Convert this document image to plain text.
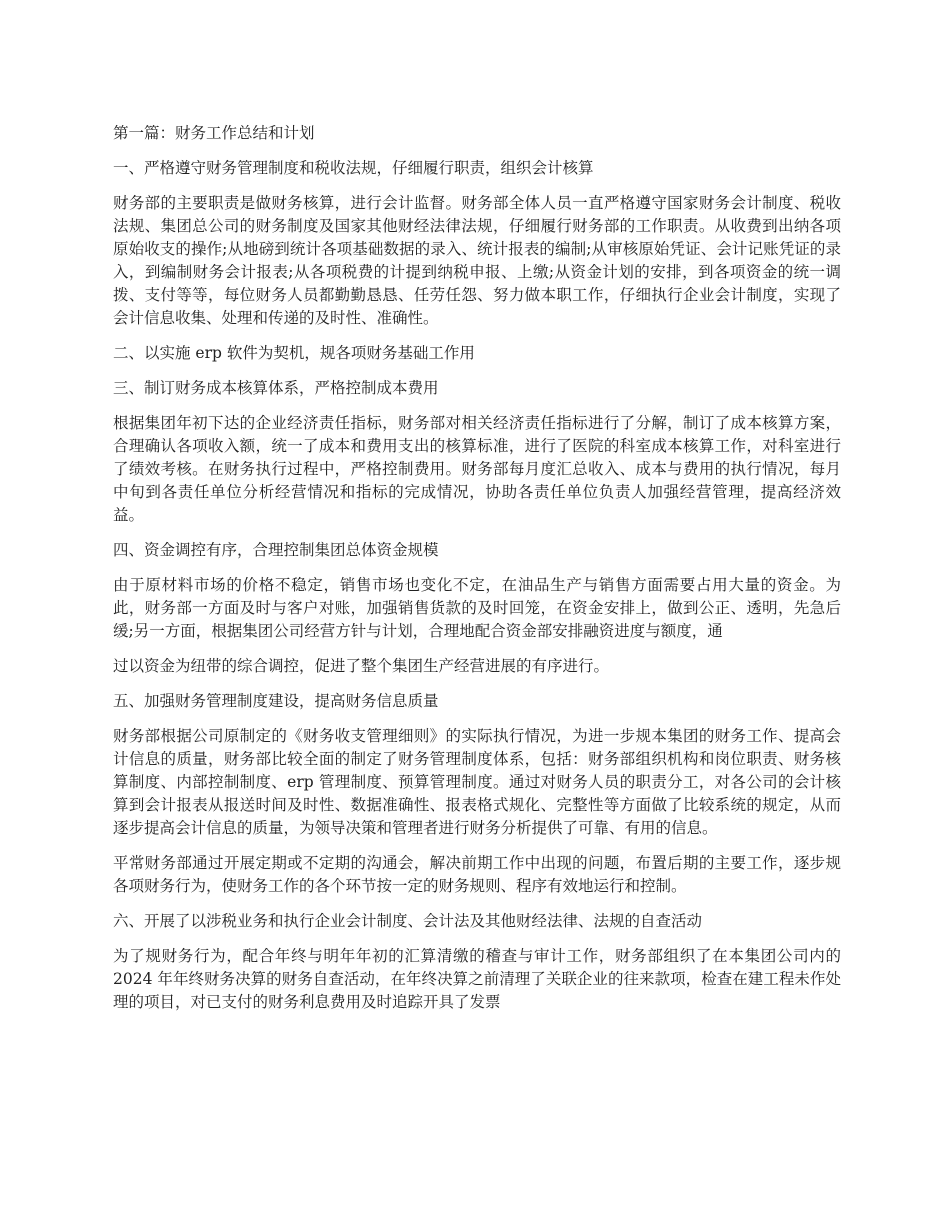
第一篇：财务工作总结和计划

一、严格遵守财务管理制度和税收法规，仔细履行职责，组织会计核算

财务部的主要职责是做财务核算，进行会计监督。财务部全体人员一直严格遵守国家财务会计制度、税收法规、集团总公司的财务制度及国家其他财经法律法规，仔细履行财务部的工作职责。从收费到出纳各项原始收支的操作;从地磅到统计各项基础数据的录入、统计报表的编制;从审核原始凭证、会计记账凭证的录入，到编制财务会计报表;从各项税费的计提到纳税申报、上缴;从资金计划的安排，到各项资金的统一调拨、支付等等，每位财务人员都勤勤恳恳、任劳任怨、努力做本职工作，仔细执行企业会计制度，实现了会计信息收集、处理和传递的及时性、准确性。

二、以实施 erp 软件为契机，规各项财务基础工作用

三、制订财务成本核算体系，严格控制成本费用

根据集团年初下达的企业经济责任指标，财务部对相关经济责任指标进行了分解，制订了成本核算方案，合理确认各项收入额，统一了成本和费用支出的核算标准，进行了医院的科室成本核算工作，对科室进行了绩效考核。在财务执行过程中，严格控制费用。财务部每月度汇总收入、成本与费用的执行情况，每月中旬到各责任单位分析经营情况和指标的完成情况，协助各责任单位负责人加强经营管理，提高经济效益。

四、资金调控有序，合理控制集团总体资金规模

由于原材料市场的价格不稳定，销售市场也变化不定，在油品生产与销售方面需要占用大量的资金。为此，财务部一方面及时与客户对账，加强销售货款的及时回笼，在资金安排上，做到公正、透明，先急后缓;另一方面，根据集团公司经营方针与计划，合理地配合资金部安排融资进度与额度，通

过以资金为纽带的综合调控，促进了整个集团生产经营进展的有序进行。

五、加强财务管理制度建设，提高财务信息质量

财务部根据公司原制定的《财务收支管理细则》的实际执行情况，为进一步规本集团的财务工作、提高会计信息的质量，财务部比较全面的制定了财务管理制度体系，包括：财务部组织机构和岗位职责、财务核算制度、内部控制制度、erp 管理制度、预算管理制度。通过对财务人员的职责分工，对各公司的会计核算到会计报表从报送时间及时性、数据准确性、报表格式规化、完整性等方面做了比较系统的规定，从而逐步提高会计信息的质量，为领导决策和管理者进行财务分析提供了可靠、有用的信息。

平常财务部通过开展定期或不定期的沟通会，解决前期工作中出现的问题，布置后期的主要工作，逐步规各项财务行为，使财务工作的各个环节按一定的财务规则、程序有效地运行和控制。

六、开展了以涉税业务和执行企业会计制度、会计法及其他财经法律、法规的自查活动

为了规财务行为，配合年终与明年年初的汇算清缴的稽查与审计工作，财务部组织了在本集团公司内的 2024 年年终财务决算的财务自查活动，在年终决算之前清理了关联企业的往来款项，检查在建工程未作处理的项目，对已支付的财务利息费用及时追踪开具了发票
